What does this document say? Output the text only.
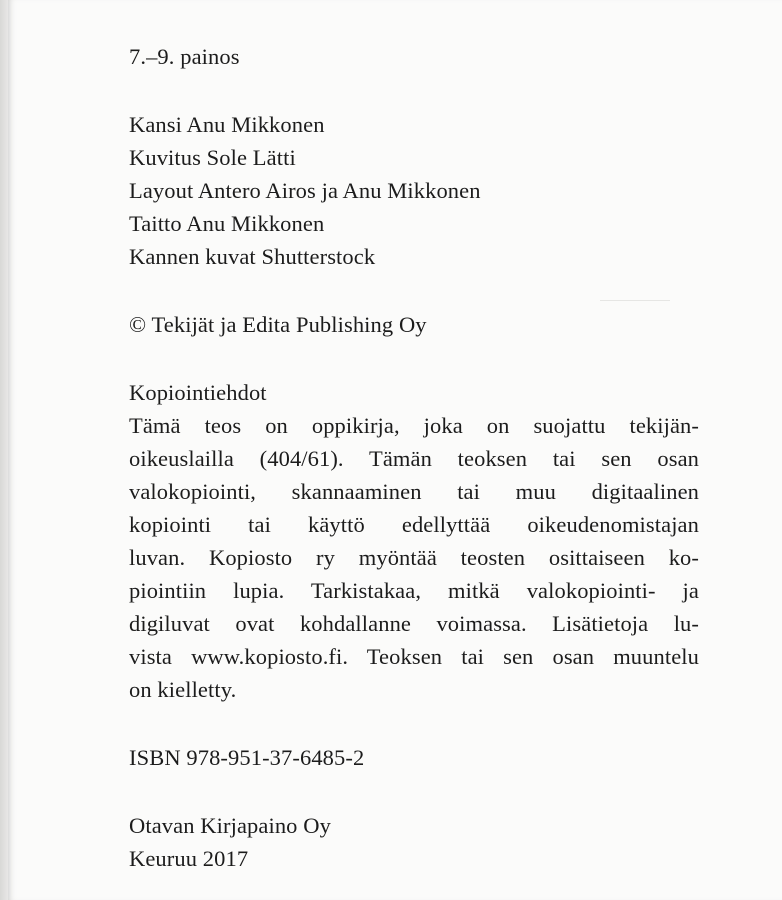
7.–9. painos
Kansi Anu Mikkonen
Kuvitus Sole Lätti
Layout Antero Airos ja Anu Mikkonen
Taitto Anu Mikkonen
Kannen kuvat Shutterstock
© Tekijät ja Edita Publishing Oy
Kopiointiehdot
Tämä teos on oppikirja, joka on suojattu tekijän-
oikeuslailla (404/61). Tämän teoksen tai sen osan
valokopiointi, skannaaminen tai muu digitaalinen
kopiointi tai käyttö edellyttää oikeudenomistajan
luvan. Kopiosto ry myöntää teosten osittaiseen ko-
piointiin lupia. Tarkistakaa, mitkä valokopiointi- ja
digiluvat ovat kohdallanne voimassa. Lisätietoja lu-
vista www.kopiosto.fi. Teoksen tai sen osan muuntelu
on kielletty.
ISBN 978-951-37-6485-2
Otavan Kirjapaino Oy
Keuruu 2017
